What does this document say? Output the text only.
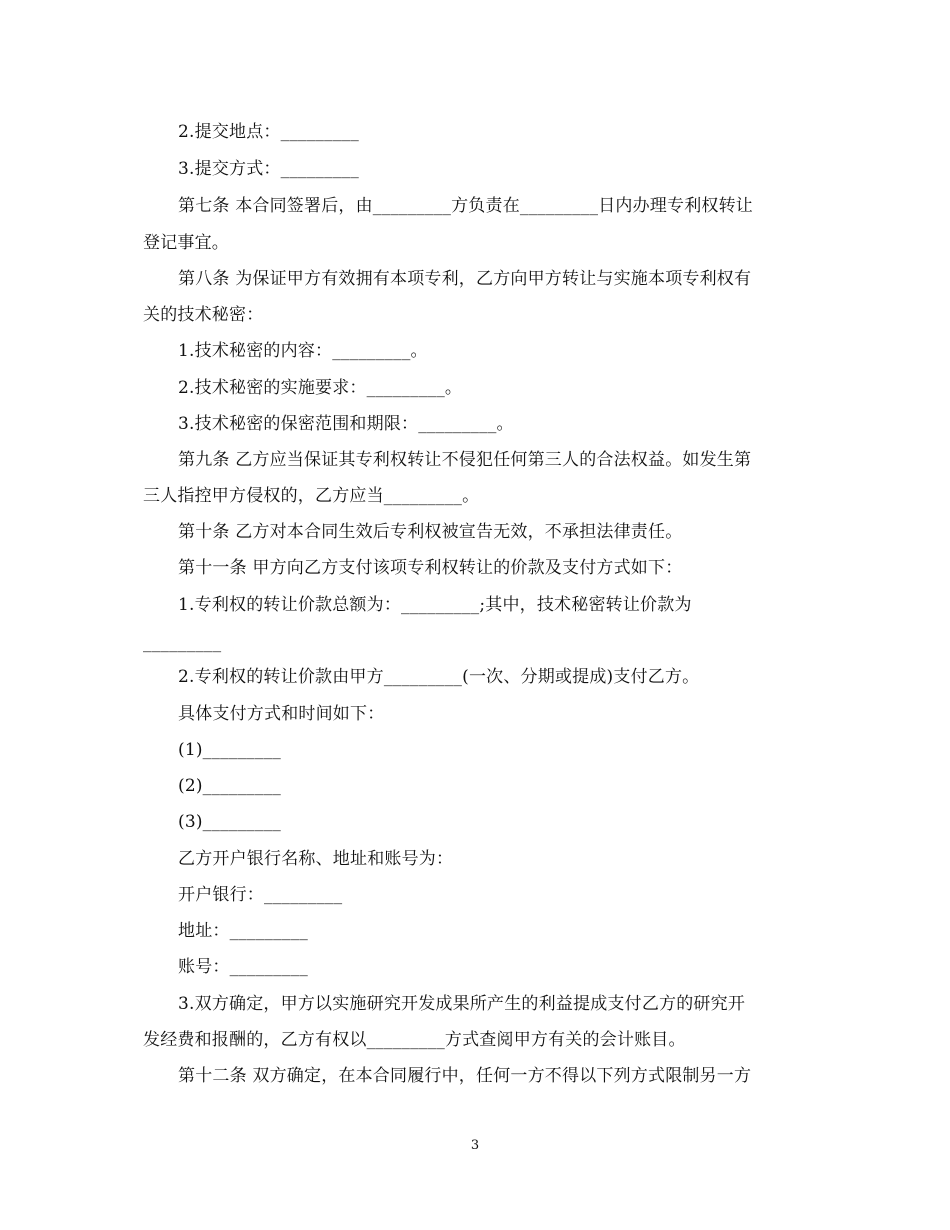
2.提交地点：_________
3.提交方式：_________
第七条 本合同签署后，由_________方负责在_________日内办理专利权转让
登记事宜。
第八条 为保证甲方有效拥有本项专利，乙方向甲方转让与实施本项专利权有
关的技术秘密：
1.技术秘密的内容：_________。
2.技术秘密的实施要求：_________。
3.技术秘密的保密范围和期限：_________。
第九条 乙方应当保证其专利权转让不侵犯任何第三人的合法权益。如发生第
三人指控甲方侵权的，乙方应当_________。
第十条 乙方对本合同生效后专利权被宣告无效，不承担法律责任。
第十一条 甲方向乙方支付该项专利权转让的价款及支付方式如下：
1.专利权的转让价款总额为：_________;其中，技术秘密转让价款为
_________
2.专利权的转让价款由甲方_________(一次、分期或提成)支付乙方。
具体支付方式和时间如下：
(1)_________
(2)_________
(3)_________
乙方开户银行名称、地址和账号为：
开户银行：_________
地址：_________
账号：_________
3.双方确定，甲方以实施研究开发成果所产生的利益提成支付乙方的研究开
发经费和报酬的，乙方有权以_________方式查阅甲方有关的会计账目。
第十二条 双方确定，在本合同履行中，任何一方不得以下列方式限制另一方
3
